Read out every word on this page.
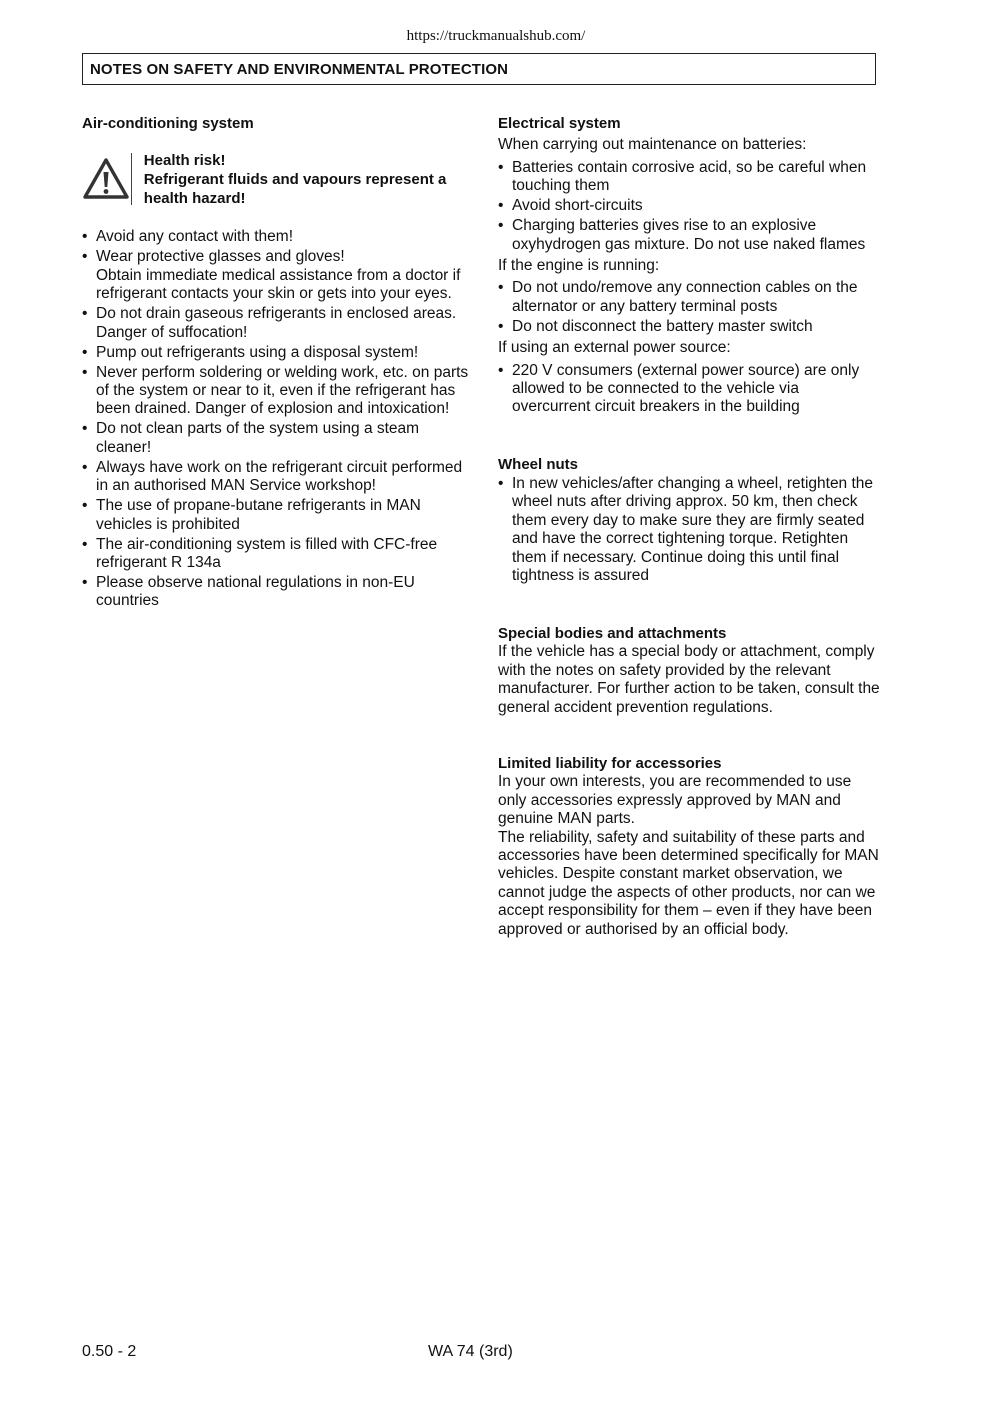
https://truckmanualshub.com/
NOTES ON SAFETY AND ENVIRONMENTAL PROTECTION

Air-conditioning system

Health risk!
Refrigerant fluids and vapours represent a health hazard!
• Avoid any contact with them!
• Wear protective glasses and gloves!
Obtain immediate medical assistance from a doctor if refrigerant contacts your skin or gets into your eyes.
• Do not drain gaseous refrigerants in enclosed areas. Danger of suffocation!
• Pump out refrigerants using a disposal system!
• Never perform soldering or welding work, etc. on parts of the system or near to it, even if the refrigerant has been drained. Danger of explosion and intoxication!
• Do not clean parts of the system using a steam cleaner!
• Always have work on the refrigerant circuit performed in an authorised MAN Service workshop!
• The use of propane-butane refrigerants in MAN vehicles is prohibited
• The air-conditioning system is filled with CFC-free refrigerant R 134a
• Please observe national regulations in non-EU countries

Electrical system

When carrying out maintenance on batteries:

• Batteries contain corrosive acid, so be careful when touching them
• Avoid short-circuits
• Charging batteries gives rise to an explosive oxyhydrogen gas mixture. Do not use naked flames

If the engine is running:

• Do not undo/remove any connection cables on the alternator or any battery terminal posts
• Do not disconnect the battery master switch

If using an external power source:

• 220 V consumers (external power source) are only allowed to be connected to the vehicle via overcurrent circuit breakers in the building

Wheel nuts

• In new vehicles/after changing a wheel, retighten the wheel nuts after driving approx. 50 km, then check them every day to make sure they are firmly seated and have the correct tightening torque. Retighten them if necessary. Continue doing this until final tightness is assured

Special bodies and attachments

If the vehicle has a special body or attachment, comply with the notes on safety provided by the relevant manufacturer. For further action to be taken, consult the general accident prevention regulations.

Limited liability for accessories

In your own interests, you are recommended to use only accessories expressly approved by MAN and genuine MAN parts.

The reliability, safety and suitability of these parts and accessories have been determined specifically for MAN vehicles. Despite constant market observation, we cannot judge the aspects of other products, nor can we accept responsibility for them – even if they have been approved or authorised by an official body.

0.50 - 2	WA 74 (3rd)
